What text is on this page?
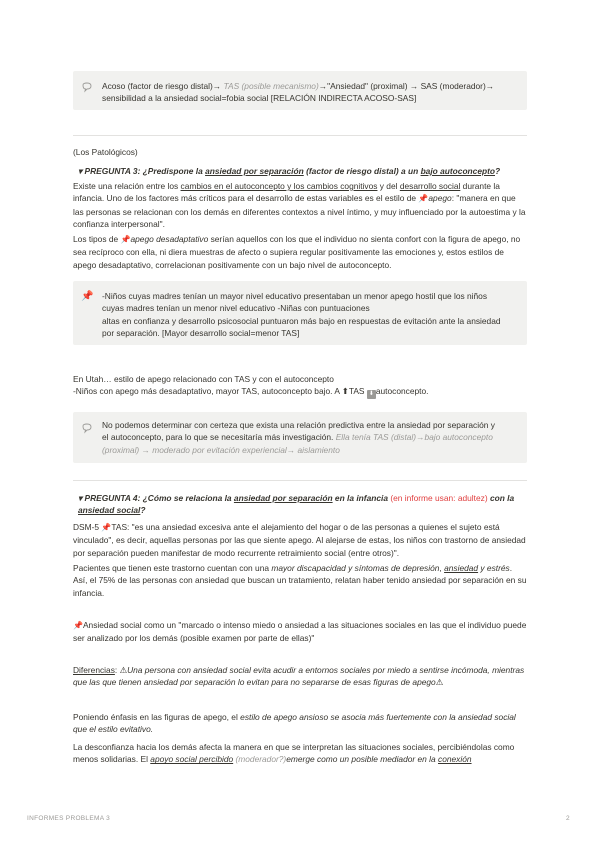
Acoso (factor de riesgo distal)→ TAS (posible mecanismo)→"Ansiedad" (proximal) → SAS (moderador)→
sensibilidad a la ansiedad social=fobia social [RELACIÓN INDIRECTA ACOSO-SAS]
(Los Patológicos)
▾ PREGUNTA 3: ¿Predispone la ansiedad por separación (factor de riesgo distal) a un bajo autoconcepto?
Existe una relación entre los cambios en el autoconcepto y los cambios cognitivos y del desarrollo social durante la infancia. Uno de los factores más críticos para el desarrollo de estas variables es el estilo de 📌apego: "manera en que las personas se relacionan con los demás en diferentes contextos a nivel íntimo, y muy influenciado por la autoestima y la confianza interpersonal".
Los tipos de 📌apego desadaptativo serían aquellos con los que el individuo no sienta confort con la figura de apego, no sea recíproco con ella, ni diera muestras de afecto o supiera regular positivamente las emociones y, estos estilos de apego desadaptativo, correlacionan positivamente con un bajo nivel de autoconcepto.
📌 -Niños cuyas madres tenían un mayor nivel educativo presentaban un menor apego hostil que los niños
cuyas madres tenían un menor nivel educativo -Niñas con puntuaciones
altas en confianza y desarrollo psicosocial puntuaron más bajo en respuestas de evitación ante la ansiedad
por separación. [Mayor desarrollo social=menor TAS]
En Utah… estilo de apego relacionado con TAS y con el autoconcepto
-Niños con apego más desadaptativo, mayor TAS, autoconcepto bajo. A ⬆TAS ⬇ autoconcepto.
No podemos determinar con certeza que exista una relación predictiva entre la ansiedad por separación y
el autoconcepto, para lo que se necesitaría más investigación. Ella tenía TAS (distal)→bajo autoconcepto
(proximal) → moderado por evitación experiencial→ aislamiento
▾ PREGUNTA 4: ¿Cómo se relaciona la ansiedad por separación en la infancia (en informe usan: adultez) con la
ansiedad social?
DSM-5 📌TAS: "es una ansiedad excesiva ante el alejamiento del hogar o de las personas a quienes el sujeto está vinculado", es decir, aquellas personas por las que siente apego. Al alejarse de estas, los niños con trastorno de ansiedad por separación pueden manifestar de modo recurrente retraimiento social (entre otros)".
Pacientes que tienen este trastorno cuentan con una mayor discapacidad y síntomas de depresión, ansiedad y estrés. Así, el 75% de las personas con ansiedad que buscan un tratamiento, relatan haber tenido ansiedad por separación en su infancia.
📌Ansiedad social como un "marcado o intenso miedo o ansiedad a las situaciones sociales en las que el individuo puede ser analizado por los demás (posible examen por parte de ellas)"
Diferencias: ⚠Una persona con ansiedad social evita acudir a entornos sociales por miedo a sentirse incómoda, mientras que las que tienen ansiedad por separación lo evitan para no separarse de esas figuras de apego⚠
Poniendo énfasis en las figuras de apego, el estilo de apego ansioso se asocia más fuertemente con la ansiedad social que el estilo evitativo.
La desconfianza hacia los demás afecta la manera en que se interpretan las situaciones sociales, percibiéndolas como menos solidarias. El apoyo social percibido (moderador?)emerge como un posible mediador en la conexión
INFORMES PROBLEMA 3	2
